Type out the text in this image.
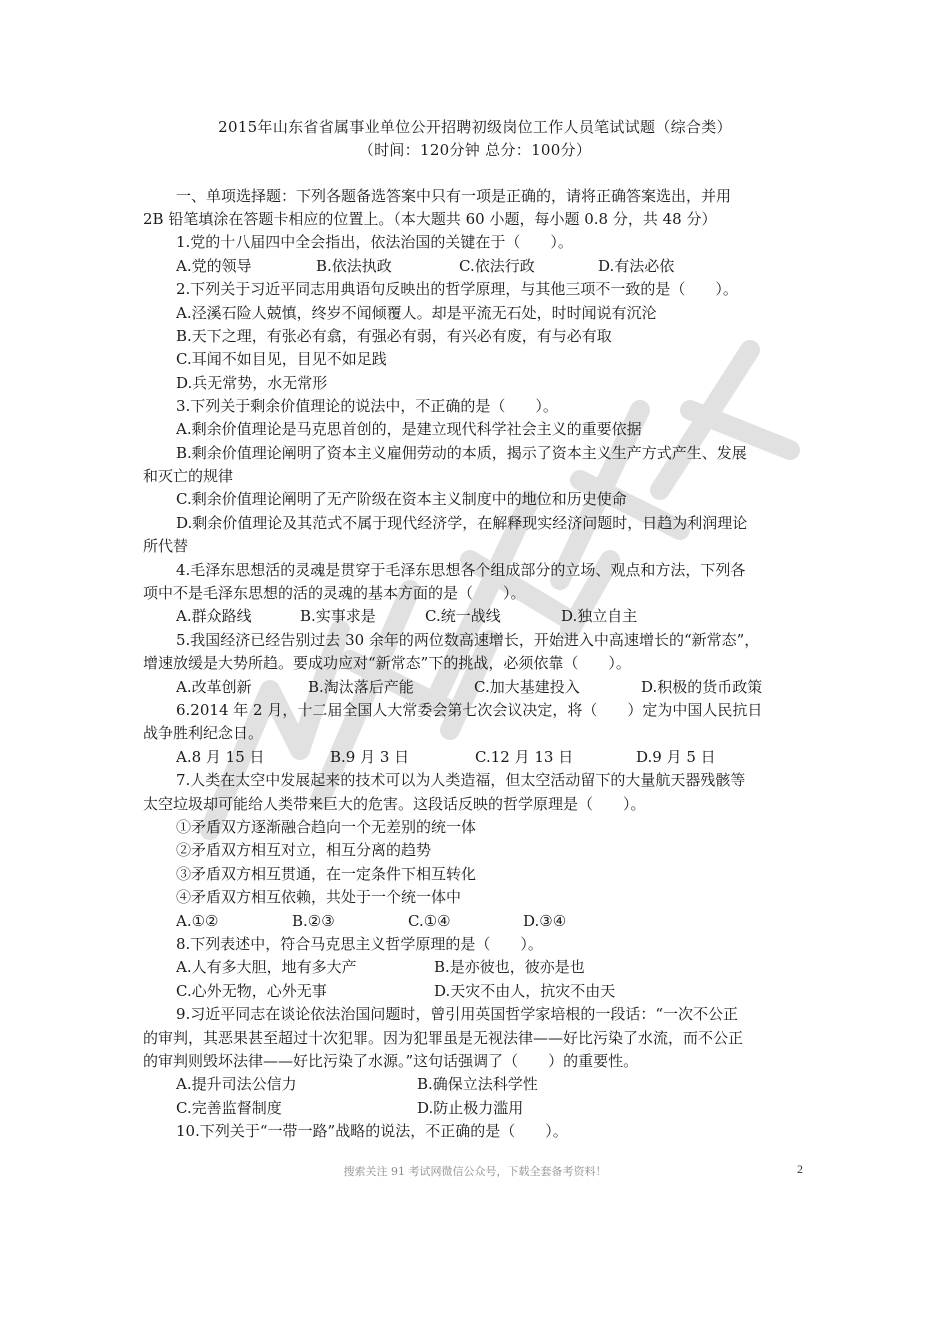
2015年山东省省属事业单位公开招聘初级岗位工作人员笔试试题（综合类）
（时间：120分钟 总分：100分）
一、单项选择题：下列各题备选答案中只有一项是正确的，请将正确答案选出，并用
2B 铅笔填涂在答题卡相应的位置上。（本大题共 60 小题，每小题 0.8 分，共 48 分）
1.党的十八届四中全会指出，依法治国的关键在于（　　）。
A.党的领导	B.依法执政	C.依法行政	D.有法必依
2.下列关于习近平同志用典语句反映出的哲学原理，与其他三项不一致的是（　　）。
A.泾溪石险人兢慎，终岁不闻倾覆人。却是平流无石处，时时闻说有沉沦
B.天下之理，有张必有翕，有强必有弱，有兴必有废，有与必有取
C.耳闻不如目见，目见不如足践
D.兵无常势，水无常形
3.下列关于剩余价值理论的说法中，不正确的是（　　）。
A.剩余价值理论是马克思首创的，是建立现代科学社会主义的重要依据
B.剩余价值理论阐明了资本主义雇佣劳动的本质，揭示了资本主义生产方式产生、发展
和灭亡的规律
C.剩余价值理论阐明了无产阶级在资本主义制度中的地位和历史使命
D.剩余价值理论及其范式不属于现代经济学，在解释现实经济问题时，日趋为利润理论
所代替
4.毛泽东思想活的灵魂是贯穿于毛泽东思想各个组成部分的立场、观点和方法，下列各
项中不是毛泽东思想的活的灵魂的基本方面的是（　　）。
A.群众路线	B.实事求是	C.统一战线	D.独立自主
5.我国经济已经告别过去 30 余年的两位数高速增长，开始进入中高速增长的“新常态”，
增速放缓是大势所趋。要成功应对“新常态”下的挑战，必须依靠（　　）。
A.改革创新	B.淘汰落后产能	C.加大基建投入	D.积极的货币政策
6.2014 年 2 月，十二届全国人大常委会第七次会议决定，将（　　）定为中国人民抗日
战争胜利纪念日。
A.8 月 15 日	B.9 月 3 日	C.12 月 13 日	D.9 月 5 日
7.人类在太空中发展起来的技术可以为人类造福，但太空活动留下的大量航天器残骸等
太空垃圾却可能给人类带来巨大的危害。这段话反映的哲学原理是（　　）。
①矛盾双方逐渐融合趋向一个无差别的统一体
②矛盾双方相互对立，相互分离的趋势
③矛盾双方相互贯通，在一定条件下相互转化
④矛盾双方相互依赖，共处于一个统一体中
A.①②	B.②③	C.①④	D.③④
8.下列表述中，符合马克思主义哲学原理的是（　　）。
A.人有多大胆，地有多大产	B.是亦彼也，彼亦是也
C.心外无物，心外无事	D.天灾不由人，抗灾不由天
9.习近平同志在谈论依法治国问题时，曾引用英国哲学家培根的一段话：“一次不公正
的审判，其恶果甚至超过十次犯罪。因为犯罪虽是无视法律——好比污染了水流，而不公正
的审判则毁坏法律——好比污染了水源。”这句话强调了（　　）的重要性。
A.提升司法公信力	B.确保立法科学性
C.完善监督制度	D.防止极力滥用
10.下列关于“一带一路”战略的说法，不正确的是（　　）。
搜索关注 91 考试网微信公众号，下载全套备考资料！	2
